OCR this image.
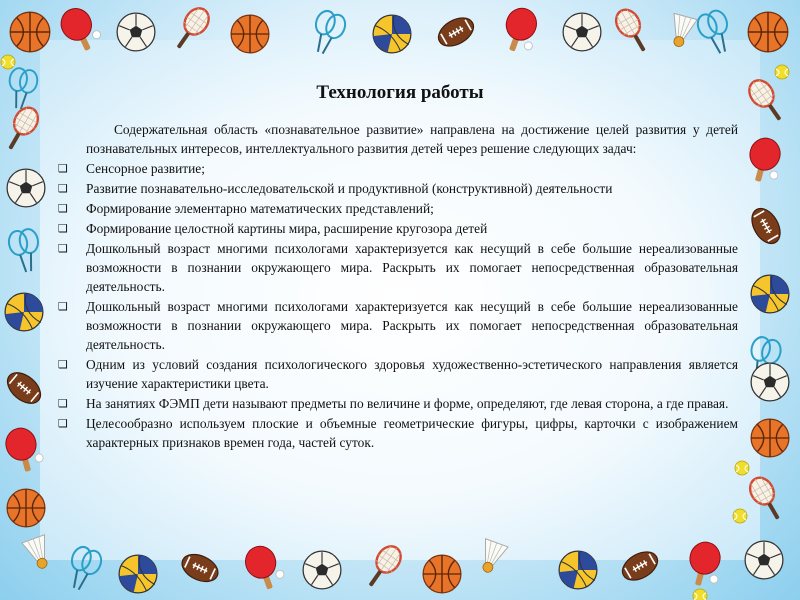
Технология работы

Содержательная область «познавательное развитие» направлена на достижение целей развития у детей познавательных интересов, интеллектуального развития детей через решение следующих задач:

❑ Сенсорное развитие;
❑ Развитие познавательно-исследовательской и продуктивной (конструктивной) деятельности
❑ Формирование элементарно математических представлений;
❑ Формирование целостной картины мира, расширение кругозора детей
❑ Дошкольный возраст многими психологами характеризуется как несущий в себе большие нереализованные возможности в познании окружающего мира. Раскрыть их помогает непосредственная образовательная деятельность.
❑ Дошкольный возраст многими психологами характеризуется как несущий в себе большие нереализованные возможности в познании окружающего мира. Раскрыть их помогает непосредственная образовательная деятельность.
❑ Одним из условий создания психологического здоровья художественно-эстетического направления является изучение характеристики цвета.
❑ На занятиях ФЭМП дети называют предметы по величине и форме, определяют, где левая сторона, а где правая.
❑ Целесообразно используем плоские и объемные геометрические фигуры, цифры, карточки с изображением характерных признаков времен года, частей суток.
